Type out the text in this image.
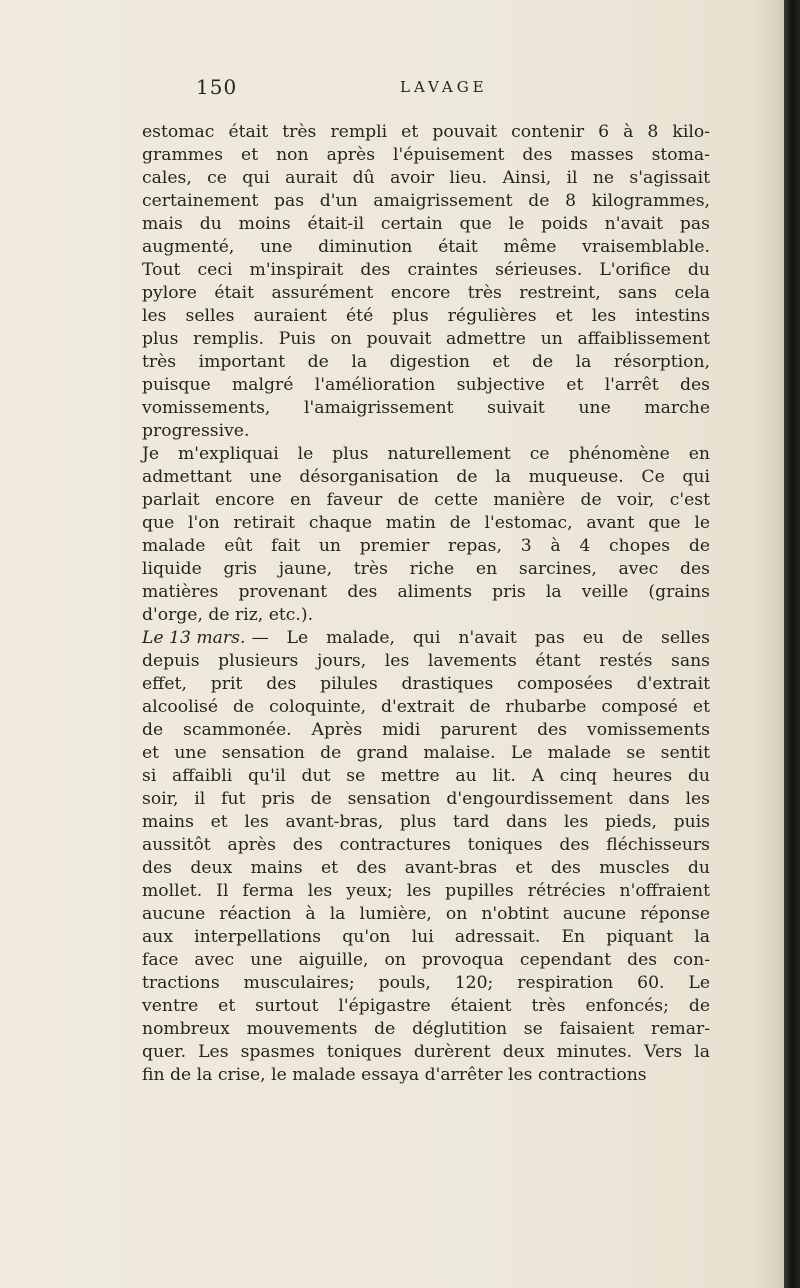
150	LAVAGE
estomac était très rempli et pouvait contenir 6 à 8 kilo-
grammes et non après l'épuisement des masses stoma-
cales, ce qui aurait dû avoir lieu. Ainsi, il ne s'agissait
certainement pas d'un amaigrissement de 8 kilogrammes,
mais du moins était-il certain que le poids n'avait pas
augmenté, une diminution était même vraisemblable.
Tout ceci m'inspirait des craintes sérieuses. L'orifice du
pylore était assurément encore très restreint, sans cela
les selles auraient été plus régulières et les intestins
plus remplis. Puis on pouvait admettre un affaiblissement
très important de la digestion et de la résorption,
puisque malgré l'amélioration subjective et l'arrêt des
vomissements, l'amaigrissement suivait une marche
progressive.
Je m'expliquai le plus naturellement ce phénomène en
admettant une désorganisation de la muqueuse. Ce qui
parlait encore en faveur de cette manière de voir, c'est
que l'on retirait chaque matin de l'estomac, avant que le
malade eût fait un premier repas, 3 à 4 chopes de
liquide gris jaune, très riche en sarcines, avec des
matières provenant des aliments pris la veille (grains
d'orge, de riz, etc.).
Le 13 mars. — Le malade, qui n'avait pas eu de selles
depuis plusieurs jours, les lavements étant restés sans
effet, prit des pilules drastiques composées d'extrait
alcoolisé de coloquinte, d'extrait de rhubarbe composé et
de scammonée. Après midi parurent des vomissements
et une sensation de grand malaise. Le malade se sentit
si affaibli qu'il dut se mettre au lit. A cinq heures du
soir, il fut pris de sensation d'engourdissement dans les
mains et les avant-bras, plus tard dans les pieds, puis
aussitôt après des contractures toniques des fléchisseurs
des deux mains et des avant-bras et des muscles du
mollet. Il ferma les yeux; les pupilles rétrécies n'offraient
aucune réaction à la lumière, on n'obtint aucune réponse
aux interpellations qu'on lui adressait. En piquant la
face avec une aiguille, on provoqua cependant des con-
tractions musculaires; pouls, 120; respiration 60. Le
ventre et surtout l'épigastre étaient très enfoncés; de
nombreux mouvements de déglutition se faisaient remar-
quer. Les spasmes toniques durèrent deux minutes. Vers la
fin de la crise, le malade essaya d'arrêter les contractions
